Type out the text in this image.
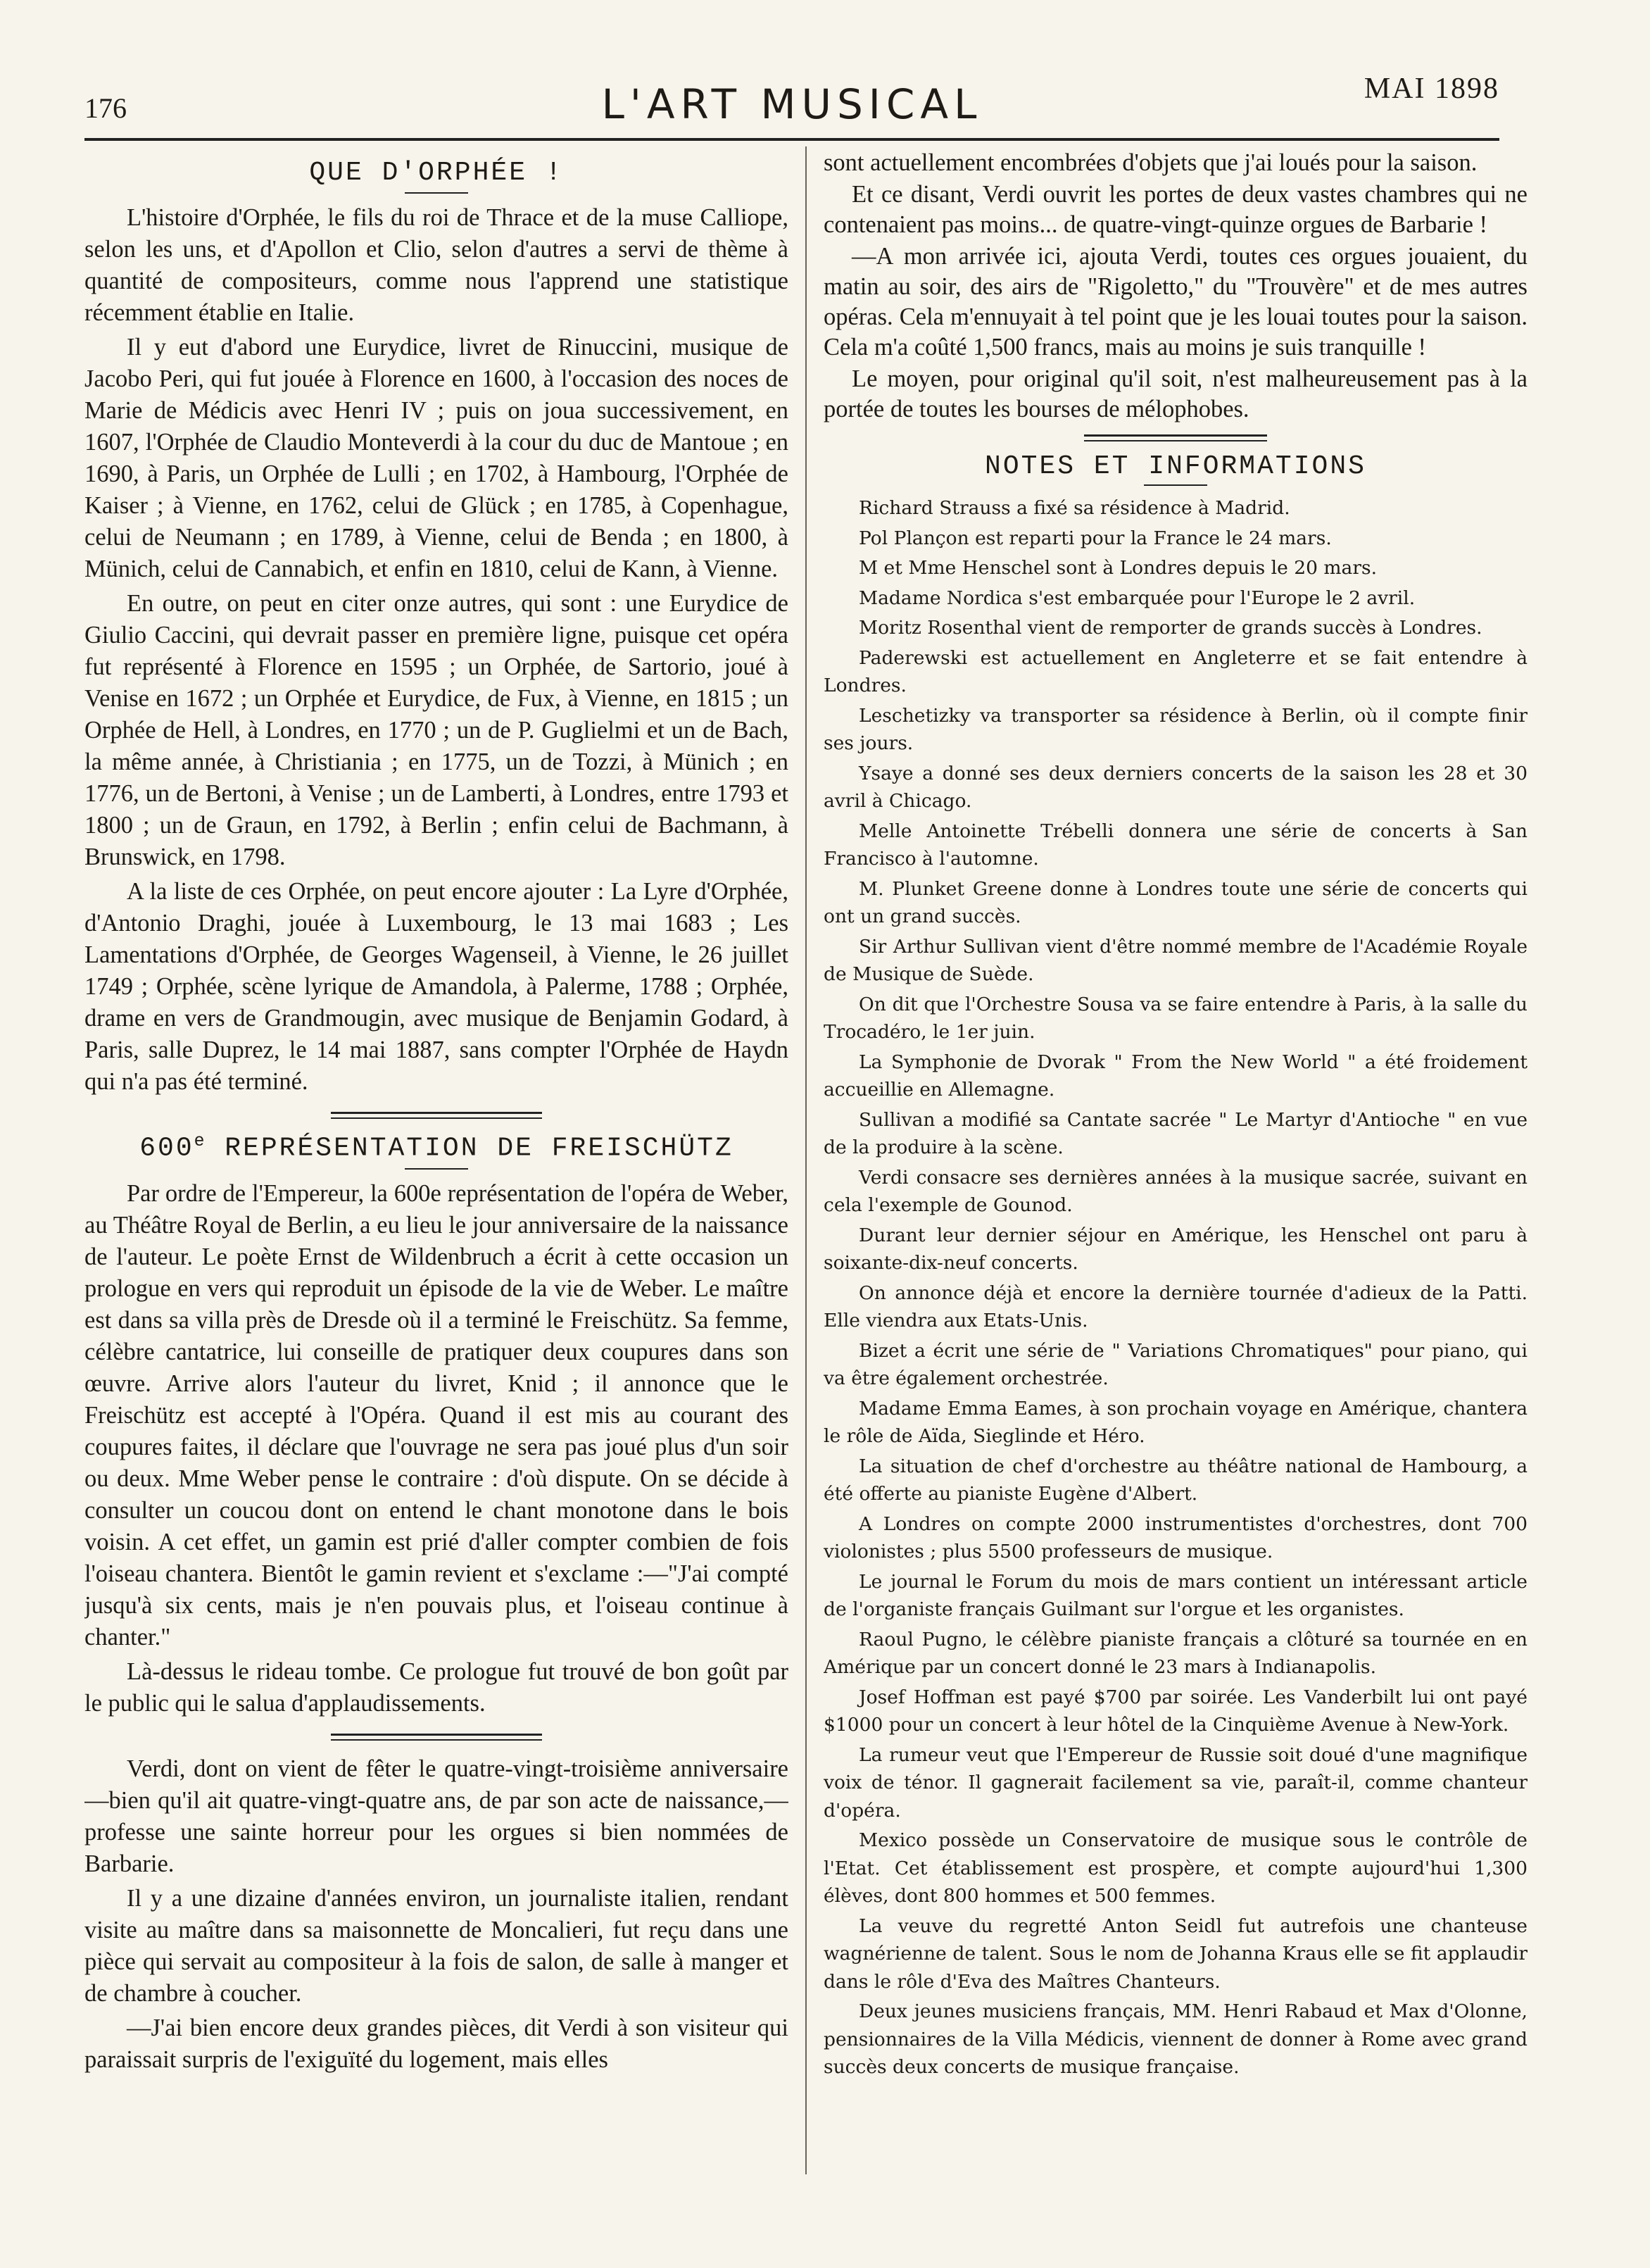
176	L'ART MUSICAL	MAI 1898
QUE D'ORPHÉE !

L'histoire d'Orphée, le fils du roi de Thrace et de la muse Calliope, selon les uns, et d'Apollon et Clio, selon d'autres a servi de thème à quantité de compositeurs, comme nous l'apprend une statistique récemment établie en Italie.

Il y eut d'abord une Eurydice, livret de Rinuccini, musique de Jacobo Peri, qui fut jouée à Florence en 1600, à l'occasion des noces de Marie de Médicis avec Henri IV ; puis on joua successivement, en 1607, l'Orphée de Claudio Monteverdi à la cour du duc de Mantoue ; en 1690, à Paris, un Orphée de Lulli ; en 1702, à Hambourg, l'Orphée de Kaiser ; à Vienne, en 1762, celui de Glück ; en 1785, à Copenhague, celui de Neumann ; en 1789, à Vienne, celui de Benda ; en 1800, à Münich, celui de Cannabich, et enfin en 1810, celui de Kann, à Vienne.

En outre, on peut en citer onze autres, qui sont : une Eurydice de Giulio Caccini, qui devrait passer en première ligne, puisque cet opéra fut représenté à Florence en 1595 ; un Orphée, de Sartorio, joué à Venise en 1672 ; un Orphée et Eurydice, de Fux, à Vienne, en 1815 ; un Orphée de Hell, à Londres, en 1770 ; un de P. Guglielmi et un de Bach, la même année, à Christiania ; en 1775, un de Tozzi, à Münich ; en 1776, un de Bertoni, à Venise ; un de Lamberti, à Londres, entre 1793 et 1800 ; un de Graun, en 1792, à Berlin ; enfin celui de Bachmann, à Brunswick, en 1798.

A la liste de ces Orphée, on peut encore ajouter : La Lyre d'Orphée, d'Antonio Draghi, jouée à Luxembourg, le 13 mai 1683 ; Les Lamentations d'Orphée, de Georges Wagenseil, à Vienne, le 26 juillet 1749 ; Orphée, scène lyrique de Amandola, à Palerme, 1788 ; Orphée, drame en vers de Grandmougin, avec musique de Benjamin Godard, à Paris, salle Duprez, le 14 mai 1887, sans compter l'Orphée de Haydn qui n'a pas été terminé.

600e REPRÉSENTATION DE FREISCHÜTZ

Par ordre de l'Empereur, la 600e représentation de l'opéra de Weber, au Théâtre Royal de Berlin, a eu lieu le jour anniversaire de la naissance de l'auteur. Le poète Ernst de Wildenbruch a écrit à cette occasion un prologue en vers qui reproduit un épisode de la vie de Weber. Le maître est dans sa villa près de Dresde où il a terminé le Freischütz. Sa femme, célèbre cantatrice, lui conseille de pratiquer deux coupures dans son œuvre. Arrive alors l'auteur du livret, Knid ; il annonce que le Freischütz est accepté à l'Opéra. Quand il est mis au courant des coupures faites, il déclare que l'ouvrage ne sera pas joué plus d'un soir ou deux. Mme Weber pense le contraire : d'où dispute. On se décide à consulter un coucou dont on entend le chant monotone dans le bois voisin. A cet effet, un gamin est prié d'aller compter combien de fois l'oiseau chantera. Bientôt le gamin revient et s'exclame :—"J'ai compté jusqu'à six cents, mais je n'en pouvais plus, et l'oiseau continue à chanter."

Là-dessus le rideau tombe. Ce prologue fut trouvé de bon goût par le public qui le salua d'applaudissements.

Verdi, dont on vient de fêter le quatre-vingt-troisième anniversaire—bien qu'il ait quatre-vingt-quatre ans, de par son acte de naissance,—professe une sainte horreur pour les orgues si bien nommées de Barbarie.

Il y a une dizaine d'années environ, un journaliste italien, rendant visite au maître dans sa maisonnette de Moncalieri, fut reçu dans une pièce qui servait au compositeur à la fois de salon, de salle à manger et de chambre à coucher.

—J'ai bien encore deux grandes pièces, dit Verdi à son visiteur qui paraissait surpris de l'exiguïté du logement, mais elles

sont actuellement encombrées d'objets que j'ai loués pour la saison.

Et ce disant, Verdi ouvrit les portes de deux vastes chambres qui ne contenaient pas moins... de quatre-vingt-quinze orgues de Barbarie !

—A mon arrivée ici, ajouta Verdi, toutes ces orgues jouaient, du matin au soir, des airs de "Rigoletto," du "Trouvère" et de mes autres opéras. Cela m'ennuyait à tel point que je les louai toutes pour la saison. Cela m'a coûté 1,500 francs, mais au moins je suis tranquille !

Le moyen, pour original qu'il soit, n'est malheureusement pas à la portée de toutes les bourses de mélophobes.

NOTES ET INFORMATIONS
Richard Strauss a fixé sa résidence à Madrid.
Pol Plançon est reparti pour la France le 24 mars.
M et Mme Henschel sont à Londres depuis le 20 mars.
Madame Nordica s'est embarquée pour l'Europe le 2 avril.
Moritz Rosenthal vient de remporter de grands succès à Londres.
Paderewski est actuellement en Angleterre et se fait entendre à Londres.
Leschetizky va transporter sa résidence à Berlin, où il compte finir ses jours.
Ysaye a donné ses deux derniers concerts de la saison les 28 et 30 avril à Chicago.
Melle Antoinette Trébelli donnera une série de concerts à San Francisco à l'automne.
M. Plunket Greene donne à Londres toute une série de concerts qui ont un grand succès.
Sir Arthur Sullivan vient d'être nommé membre de l'Académie Royale de Musique de Suède.
On dit que l'Orchestre Sousa va se faire entendre à Paris, à la salle du Trocadéro, le 1er juin.
La Symphonie de Dvorak " From the New World " a été froidement accueillie en Allemagne.
Sullivan a modifié sa Cantate sacrée " Le Martyr d'Antioche " en vue de la produire à la scène.
Verdi consacre ses dernières années à la musique sacrée, suivant en cela l'exemple de Gounod.
Durant leur dernier séjour en Amérique, les Henschel ont paru à soixante-dix-neuf concerts.
On annonce déjà et encore la dernière tournée d'adieux de la Patti. Elle viendra aux Etats-Unis.
Bizet a écrit une série de " Variations Chromatiques" pour piano, qui va être également orchestrée.
Madame Emma Eames, à son prochain voyage en Amérique, chantera le rôle de Aïda, Sieglinde et Héro.
La situation de chef d'orchestre au théâtre national de Hambourg, a été offerte au pianiste Eugène d'Albert.
A Londres on compte 2000 instrumentistes d'orchestres, dont 700 violonistes ; plus 5500 professeurs de musique.
Le journal le Forum du mois de mars contient un intéressant article de l'organiste français Guilmant sur l'orgue et les organistes.
Raoul Pugno, le célèbre pianiste français a clôturé sa tournée en en Amérique par un concert donné le 23 mars à Indianapolis.
Josef Hoffman est payé $700 par soirée. Les Vanderbilt lui ont payé $1000 pour un concert à leur hôtel de la Cinquième Avenue à New-York.
La rumeur veut que l'Empereur de Russie soit doué d'une magnifique voix de ténor. Il gagnerait facilement sa vie, paraît-il, comme chanteur d'opéra.
Mexico possède un Conservatoire de musique sous le contrôle de l'Etat. Cet établissement est prospère, et compte aujourd'hui 1,300 élèves, dont 800 hommes et 500 femmes.
La veuve du regretté Anton Seidl fut autrefois une chanteuse wagnérienne de talent. Sous le nom de Johanna Kraus elle se fit applaudir dans le rôle d'Eva des Maîtres Chanteurs.
Deux jeunes musiciens français, MM. Henri Rabaud et Max d'Olonne, pensionnaires de la Villa Médicis, viennent de donner à Rome avec grand succès deux concerts de musique française.
